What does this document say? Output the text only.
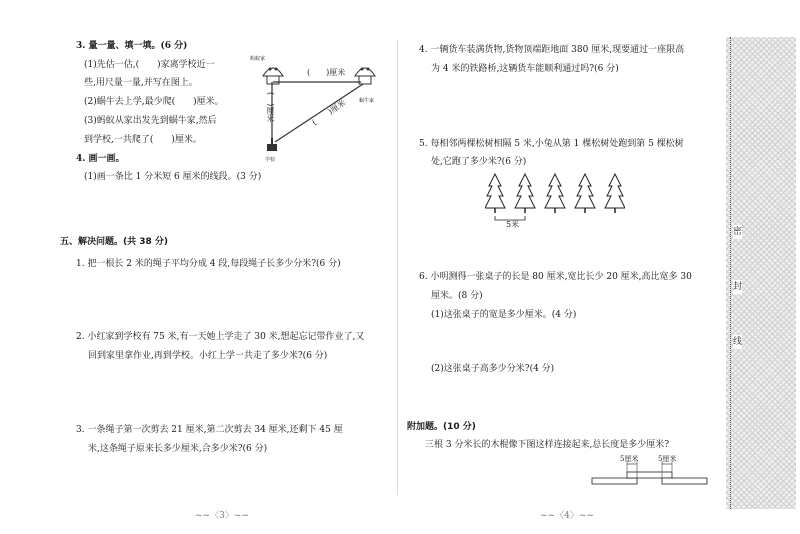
3. 量一量、填一填。(6 分)
(1)先估一估,(　　)家离学校近一
些,用尺量一量,并写在图上。
(2)蜗牛去上学,最少爬(　　)厘米。
(3)蚂蚁从家出发先到蜗牛家,然后
到学校,一共爬了(　　)厘米。
蚂蚁家
蜗牛家
学校
(　　)厘米
(　)厘米	(　　)厘米
4. 画一画。
(1)画一条比 1 分米短 6 厘米的线段。(3 分)
五、解决问题。(共 38 分)
1. 把一根长 2 米的绳子平均分成 4 段,每段绳子长多少分米?(6 分)
2. 小红家到学校有 75 米,有一天她上学走了 30 米,想起忘记带作业了,又
回到家里拿作业,再到学校。小红上学一共走了多少米?(6 分)
3. 一条绳子第一次剪去 21 厘米,第二次剪去 34 厘米,还剩下 45 厘
米,这条绳子原来长多少厘米,合多少米?(6 分)
~~〈3〉~~
4. 一辆货车装满货物,货物顶端距地面 380 厘米,现要通过一座限高
为 4 米的铁路桥,这辆货车能顺利通过吗?(6 分)
5. 每相邻两棵松树相隔 5 米,小兔从第 1 棵松树处跑到第 5 棵松树
处,它跑了多少米?(6 分)
5米
6. 小明测得一张桌子的长是 80 厘米,宽比长少 20 厘米,高比宽多 30
厘米。(8 分)
(1)这张桌子的宽是多少厘米。(4 分)
(2)这张桌子高多少分米?(4 分)
附加题。(10 分)
三根 3 分米长的木棍像下图这样连接起来,总长度是多少厘米?
5厘米	5厘米
~~〈4〉~~
密
封
线
